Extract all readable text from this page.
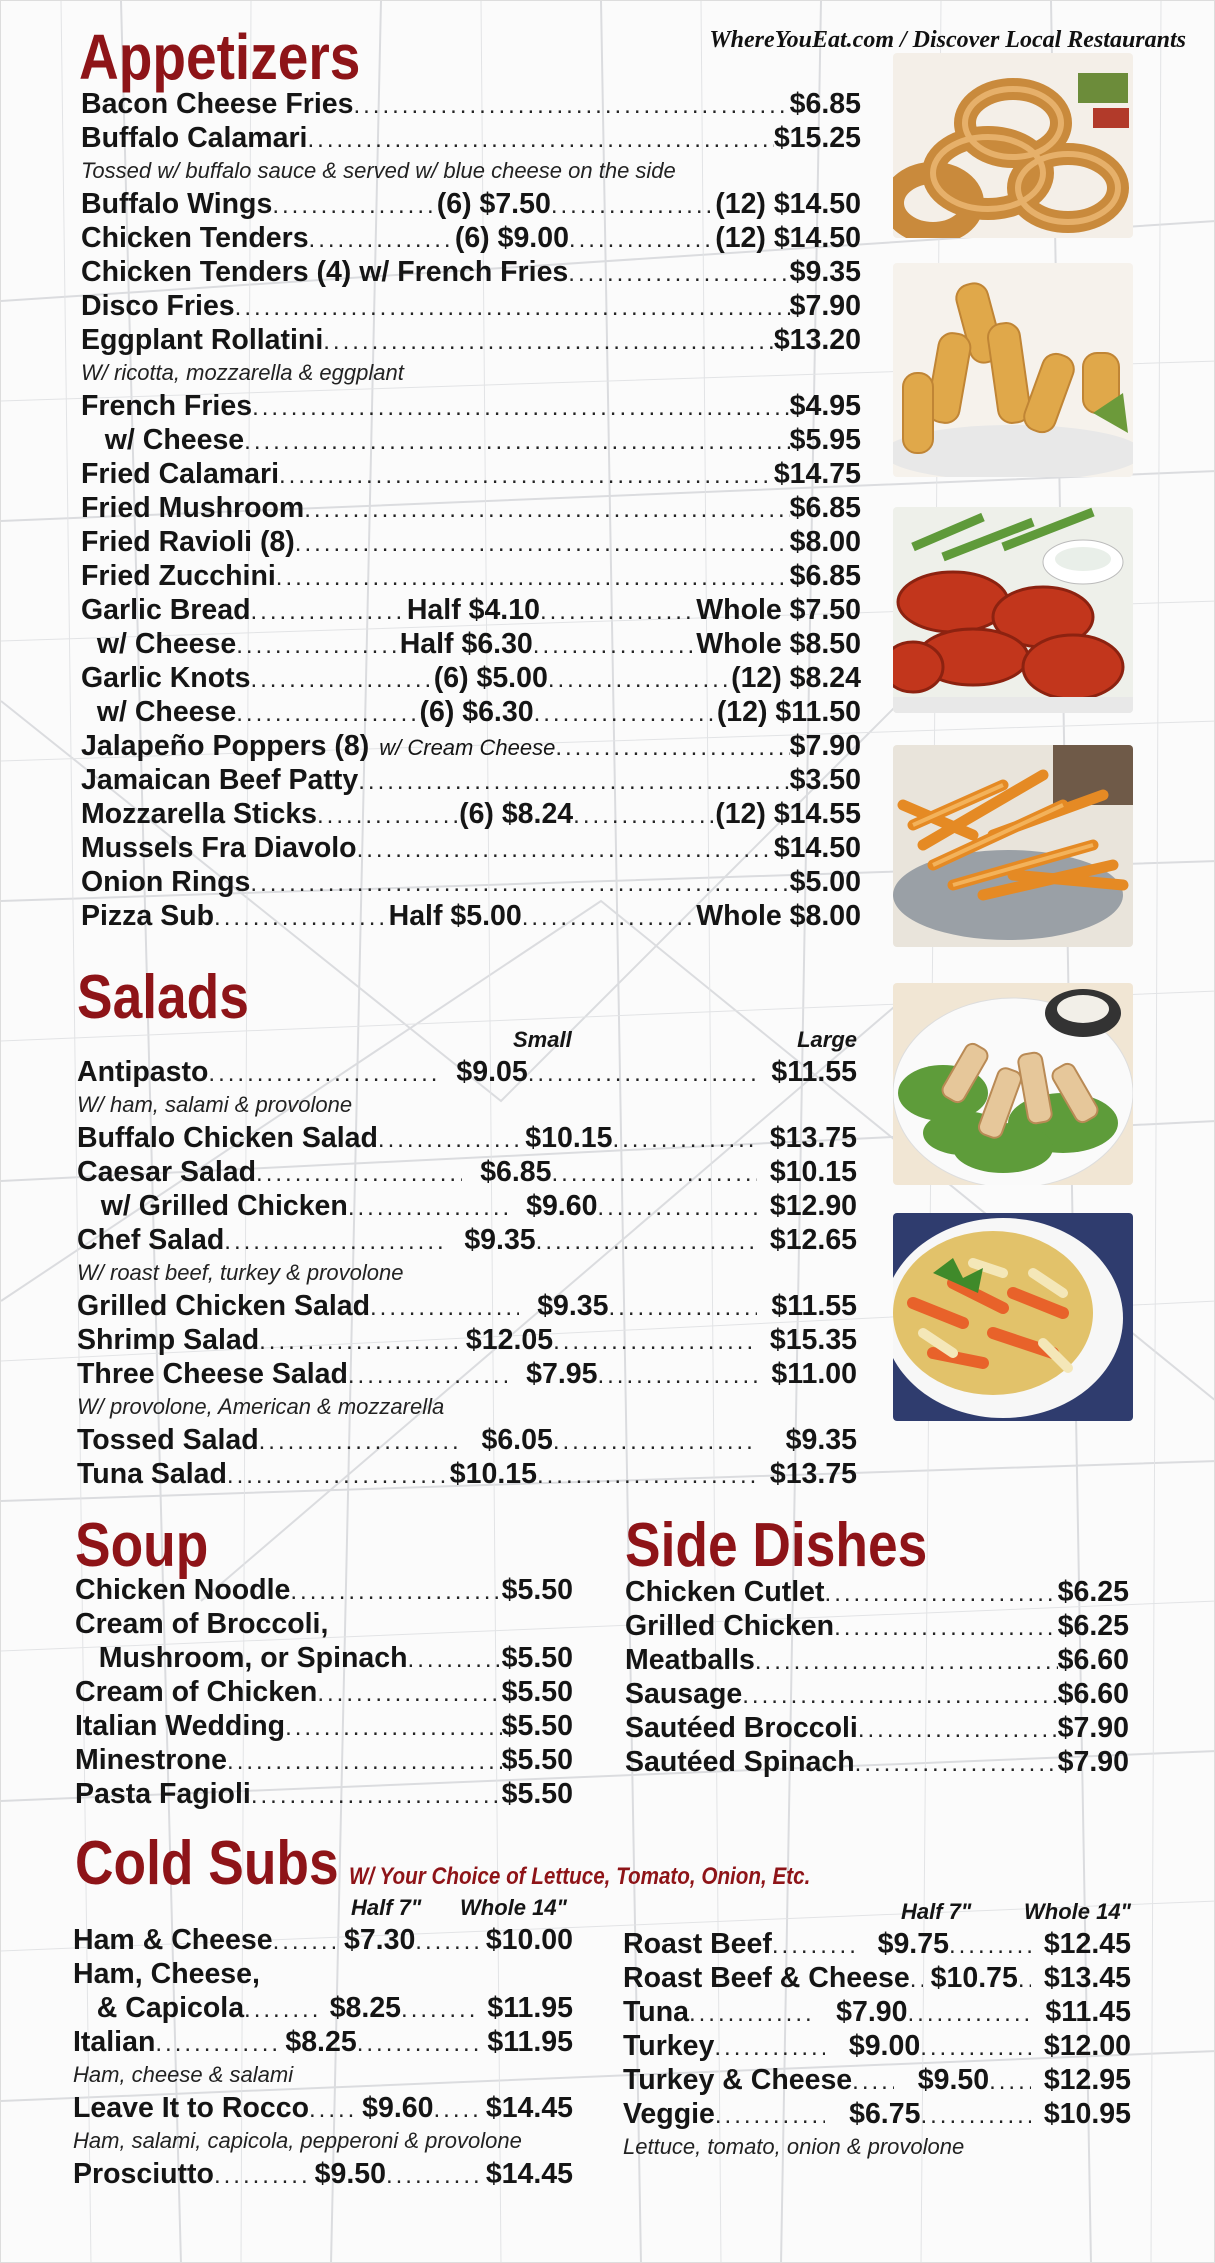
WhereYouEat.com / Discover Local Restaurants
Appetizers
Bacon Cheese Fries .....	$6.85
Buffalo Calamari .....	$15.25
Tossed w/ buffalo sauce & served w/ blue cheese on the side
Buffalo Wings .....	(6) $7.50 .....	(12) $14.50
Chicken Tenders .....	(6) $9.00 .....	(12) $14.50
Chicken Tenders (4) w/ French Fries .....	$9.35
Disco Fries .....	$7.90
Eggplant Rollatini .....	$13.20
W/ ricotta, mozzarella & eggplant
French Fries .....	$4.95
w/ Cheese .....	$5.95
Fried Calamari .....	$14.75
Fried Mushroom .....	$6.85
Fried Ravioli (8) .....	$8.00
Fried Zucchini .....	$6.85
Garlic Bread .....	Half $4.10 .....	Whole $7.50
w/ Cheese .....	Half $6.30 .....	Whole $8.50
Garlic Knots .....	(6) $5.00 .....	(12) $8.24
w/ Cheese .....	(6) $6.30 .....	(12) $11.50
Jalapeño Poppers (8) w/ Cream Cheese .....	$7.90
Jamaican Beef Patty .....	$3.50
Mozzarella Sticks .....	(6) $8.24 .....	(12) $14.55
Mussels Fra Diavolo .....	$14.50
Onion Rings .....	$5.00
Pizza Sub .....	Half $5.00 .....	Whole $8.00
Salads
Small	Large
Antipasto .....	$9.05 .....	$11.55
W/ ham, salami & provolone
Buffalo Chicken Salad .....	$10.15 .....	$13.75
Caesar Salad .....	$6.85 .....	$10.15
w/ Grilled Chicken .....	$9.60 .....	$12.90
Chef Salad .....	$9.35 .....	$12.65
W/ roast beef, turkey & provolone
Grilled Chicken Salad .....	$9.35 .....	$11.55
Shrimp Salad .....	$12.05 .....	$15.35
Three Cheese Salad .....	$7.95 .....	$11.00
W/ provolone, American & mozzarella
Tossed Salad .....	$6.05 .....	$9.35
Tuna Salad .....	$10.15 .....	$13.75
Soup
Chicken Noodle .....	$5.50
Cream of Broccoli,
Mushroom, or Spinach .....	$5.50
Cream of Chicken .....	$5.50
Italian Wedding .....	$5.50
Minestrone .....	$5.50
Pasta Fagioli .....	$5.50
Side Dishes
Chicken Cutlet .....	$6.25
Grilled Chicken .....	$6.25
Meatballs .....	$6.60
Sausage .....	$6.60
Sautéed Broccoli .....	$7.90
Sautéed Spinach .....	$7.90
Cold Subs W/ Your Choice of Lettuce, Tomato, Onion, Etc.
Half 7" Whole 14"
Ham & Cheese .....	$7.30 ..... $10.00
Ham, Cheese,
& Capicola .....	$8.25 .....	$11.95
Italian .....	$8.25 .....	$11.95
Ham, cheese & salami
Leave It to Rocco .....	$9.60 ..... $14.45
Ham, salami, capicola, pepperoni & provolone
Prosciutto .....	$9.50 .....	$14.45
Half 7" Whole 14"
Roast Beef .....	$9.75 .....	$12.45
Roast Beef & Cheese ..... $10.75 ..... $13.45
Tuna .....	$7.90 .....	$11.45
Turkey .....	$9.00 .....	$12.00
Turkey & Cheese .....	$9.50 .....	$12.95
Veggie .....	$6.75 .....	$10.95
Lettuce, tomato, onion & provolone
